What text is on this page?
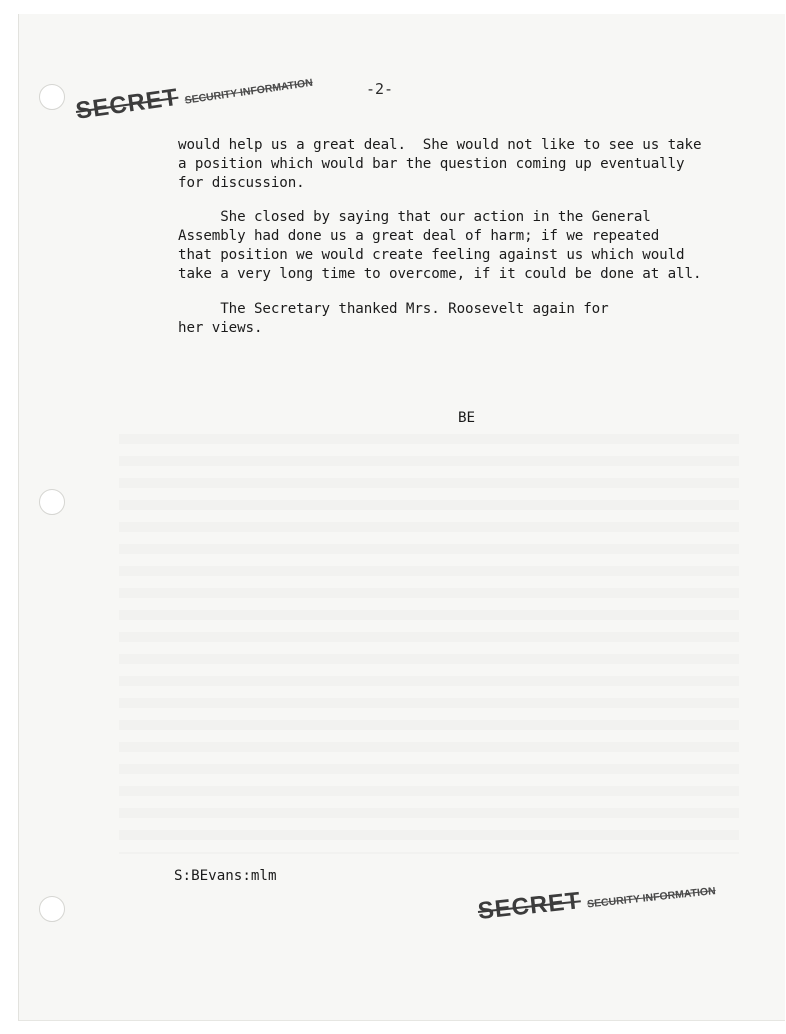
-2-
SECRET SECURITY INFORMATION
would help us a great deal.  She would not like to see us take
a position which would bar the question coming up eventually
for discussion.
She closed by saying that our action in the General
Assembly had done us a great deal of harm; if we repeated
that position we would create feeling against us which would
take a very long time to overcome, if it could be done at all.
The Secretary thanked Mrs. Roosevelt again for
her views.
BE
S:BEvans:mlm
SECRET SECURITY INFORMATION
